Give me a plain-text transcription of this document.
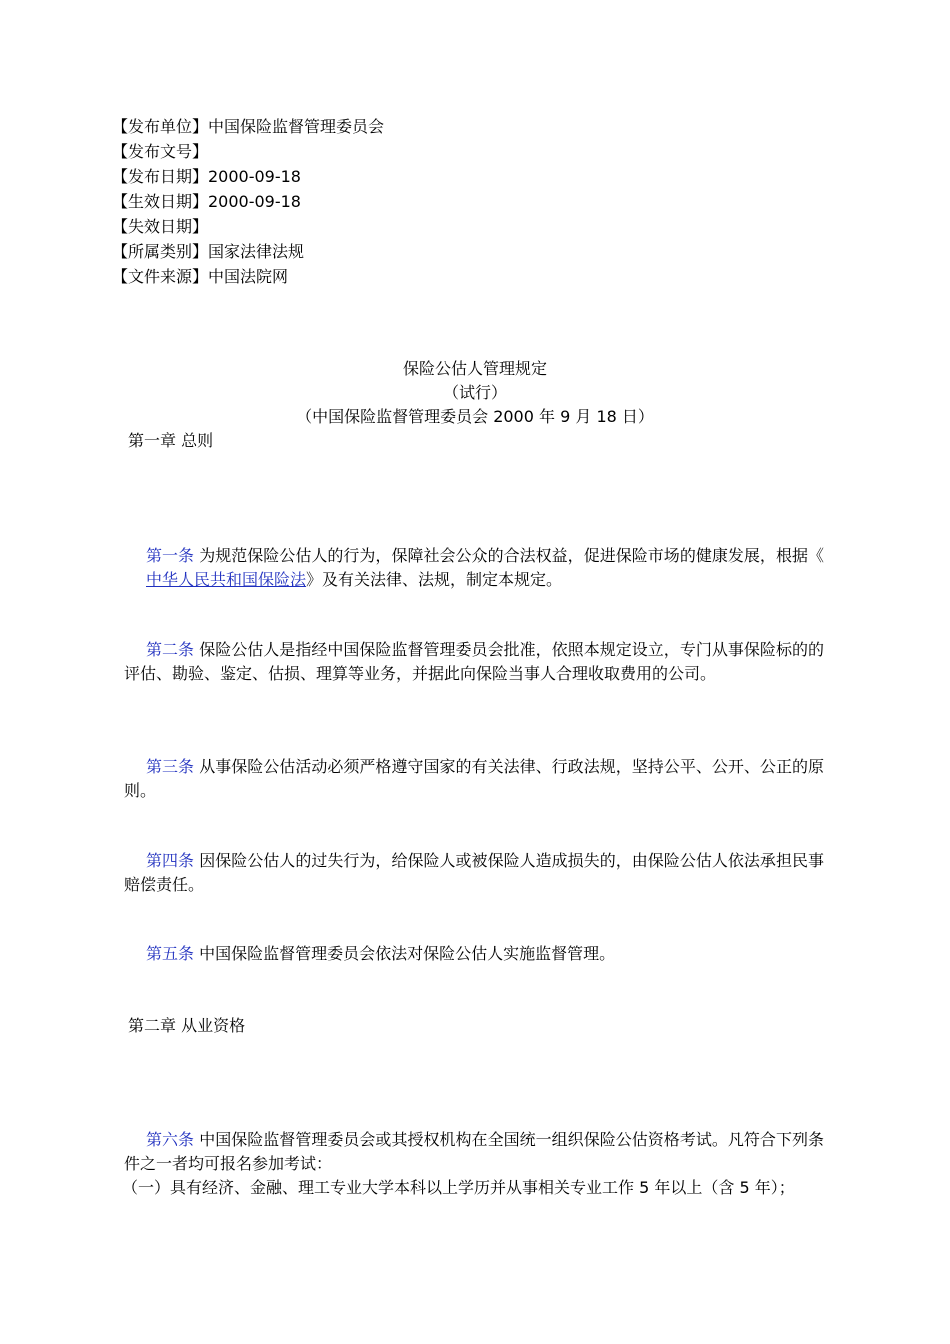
【发布单位】中国保险监督管理委员会
【发布文号】
【发布日期】2000-09-18
【生效日期】2000-09-18
【失效日期】
【所属类别】国家法律法规
【文件来源】中国法院网
保险公估人管理规定
（试行）
（中国保险监督管理委员会 2000 年 9 月 18 日）
第一章 总则
第一条 为规范保险公估人的行为，保障社会公众的合法权益，促进保险市场的健康发展，根据《中华人民共和国保险法》及有关法律、法规，制定本规定。
第二条 保险公估人是指经中国保险监督管理委员会批准，依照本规定设立，专门从事保险标的的评估、勘验、鉴定、估损、理算等业务，并据此向保险当事人合理收取费用的公司。
第三条 从事保险公估活动必须严格遵守国家的有关法律、行政法规，坚持公平、公开、公正的原则。
第四条 因保险公估人的过失行为，给保险人或被保险人造成损失的，由保险公估人依法承担民事赔偿责任。
第五条 中国保险监督管理委员会依法对保险公估人实施监督管理。
第二章 从业资格
第六条 中国保险监督管理委员会或其授权机构在全国统一组织保险公估资格考试。凡符合下列条件之一者均可报名参加考试：
（一）具有经济、金融、理工专业大学本科以上学历并从事相关专业工作 5 年以上（含 5 年）；
